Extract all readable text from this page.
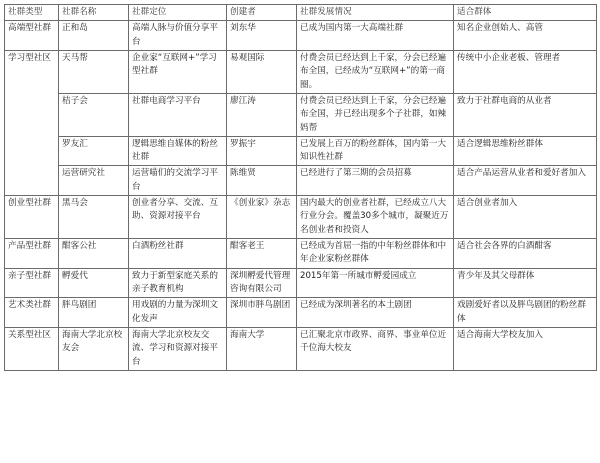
社群类型	社群名称	社群定位	创建者	社群发展情况	适合群体
高端型社群	正和岛	高端人脉与价值分享平台	刘东华	已成为国内第一大高端社群	知名企业创始人、高管
学习型社区	天马帮	企业家“互联网+”学习型社群	易观国际	付费会员已经达到上千家，分会已经遍布全国，已经成为“互联网+”的第一商圈。	传统中小企业老板、管理者
	桔子会	社群电商学习平台	廖江涛	付费会员已经达到上千家，分会已经遍布全国，并已经出现多个子社群，如辣妈帮	致力于社群电商的从业者
	罗友汇	逻辑思维自媒体的粉丝社群	罗振宇	已发展上百万的粉丝群体，国内第一大知识性社群	适合逻辑思维粉丝群体
	运营研究社	运营喵们的交流学习平台	陈维贤	已经进行了第三期的会员招募	适合产品运营从业者和爱好者加入
创业型社群	黑马会	创业者分享、交流、互助、资源对接平台	《创业家》杂志	国内最大的创业者社群，已经成立八大行业分会。覆盖30多个城市，凝聚近万名创业者和投资人	适合创业者加入
产品型社群	酣客公社	白酒粉丝社群	酣客老王	已经成为首屈一指的中年粉丝群体和中年企业家粉丝群体	适合社会各界的白酒酣客
亲子型社群	孵爱代	致力于新型家庭关系的亲子教育机构	深圳孵爱代管理咨询有限公司	2015年第一所城市孵爱园成立	青少年及其父母群体
艺术类社群	胖鸟剧团	用戏剧的力量为深圳文化发声	深圳市胖鸟剧团	已经成为深圳著名的本土剧团	戏剧爱好者以及胖鸟剧团的粉丝群体
关系型社区	海南大学北京校友会	海南大学北京校友交流、学习和资源对接平台	海南大学	已汇聚北京市政界、商界、事业单位近千位海大校友	适合海南大学校友加入
